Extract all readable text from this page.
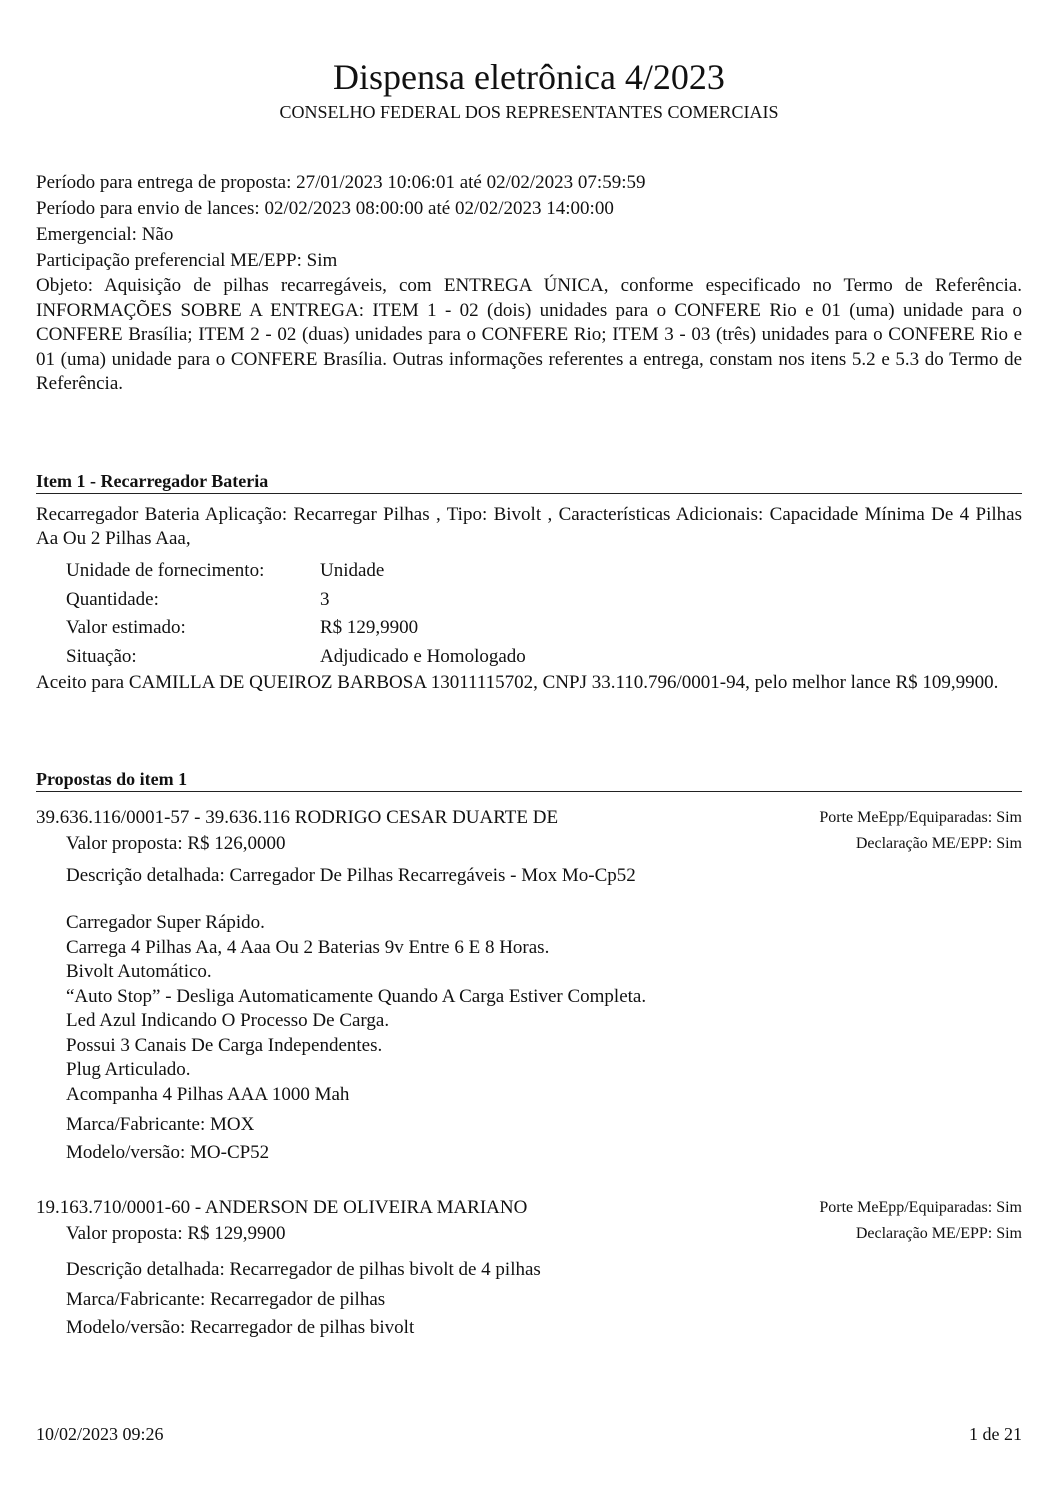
Dispensa eletrônica 4/2023
CONSELHO FEDERAL DOS REPRESENTANTES COMERCIAIS

Período para entrega de proposta: 27/01/2023 10:06:01 até 02/02/2023 07:59:59

Período para envio de lances: 02/02/2023 08:00:00 até 02/02/2023 14:00:00

Emergencial: Não

Participação preferencial ME/EPP: Sim

Objeto: Aquisição de pilhas recarregáveis, com ENTREGA ÚNICA, conforme especificado no Termo de Referência. INFORMAÇÕES SOBRE A ENTREGA: ITEM 1 - 02 (dois) unidades para o CONFERE Rio e 01 (uma) unidade para o CONFERE Brasília; ITEM 2 - 02 (duas) unidades para o CONFERE Rio; ITEM 3 - 03 (três) unidades para o CONFERE Rio e 01 (uma) unidade para o CONFERE Brasília. Outras informações referentes a entrega, constam nos itens 5.2 e 5.3 do Termo de Referência.

Item 1 - Recarregador Bateria

Recarregador Bateria Aplicação: Recarregar Pilhas , Tipo: Bivolt , Características Adicionais: Capacidade Mínima De 4 Pilhas Aa Ou 2 Pilhas Aaa,

Unidade de fornecimento:	Unidade
Quantidade:	3
Valor estimado:	R$ 129,9900
Situação:	Adjudicado e Homologado

Aceito para CAMILLA DE QUEIROZ BARBOSA 13011115702, CNPJ 33.110.796/0001-94, pelo melhor lance R$ 109,9900.

Propostas do item 1
39.636.116/0001-57 - 39.636.116 RODRIGO CESAR DUARTE DE	Porte MeEpp/Equiparadas: Sim
Valor proposta: R$ 126,0000	Declaração ME/EPP: Sim
Descrição detalhada: Carregador De Pilhas Recarregáveis - Mox Mo-Cp52

Carregador Super Rápido.

Carrega 4 Pilhas Aa, 4 Aaa Ou 2 Baterias 9v Entre 6 E 8 Horas.

Bivolt Automático.

“Auto Stop” - Desliga Automaticamente Quando A Carga Estiver Completa.

Led Azul Indicando O Processo De Carga.

Possui 3 Canais De Carga Independentes.

Plug Articulado.

Acompanha 4 Pilhas AAA 1000 Mah

Marca/Fabricante: MOX
Modelo/versão: MO-CP52
19.163.710/0001-60 - ANDERSON DE OLIVEIRA MARIANO	Porte MeEpp/Equiparadas: Sim
Valor proposta: R$ 129,9900	Declaração ME/EPP: Sim
Descrição detalhada: Recarregador de pilhas bivolt de 4 pilhas
Marca/Fabricante: Recarregador de pilhas
Modelo/versão: Recarregador de pilhas bivolt
10/02/2023 09:26	1 de 21
